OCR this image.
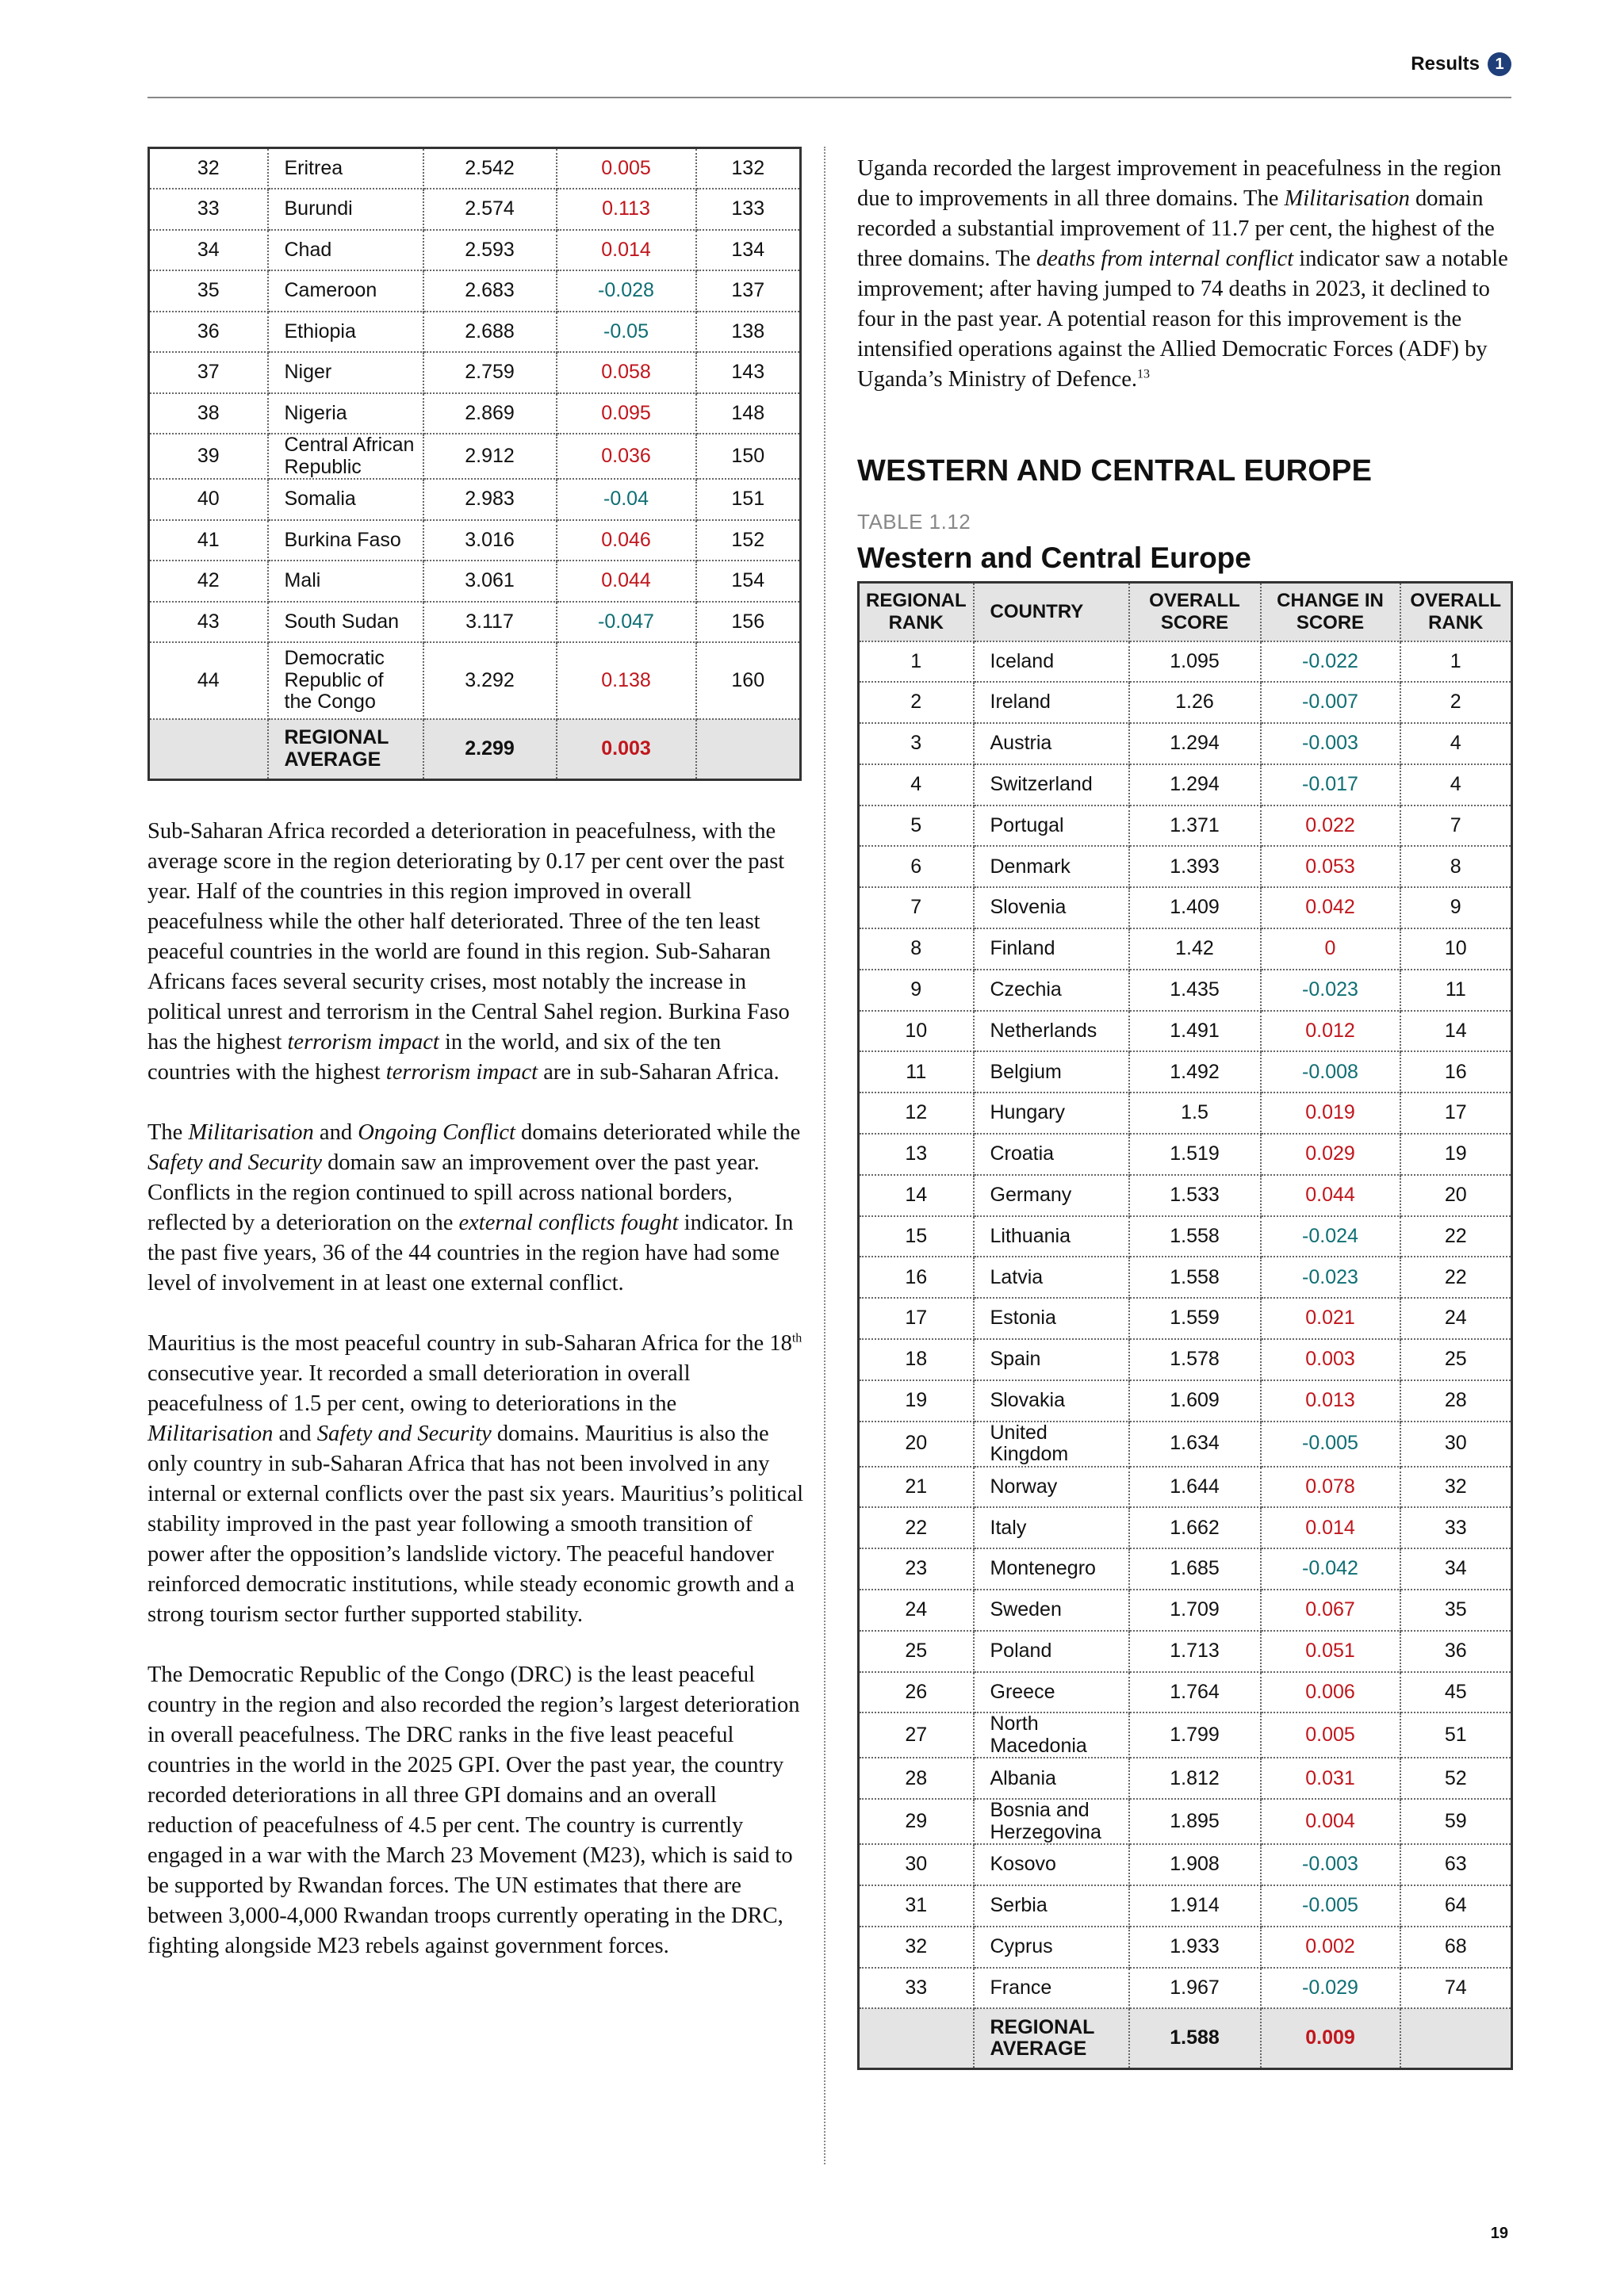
Results 1
32	Eritrea	2.542	0.005	132
33	Burundi	2.574	0.113	133
34	Chad	2.593	0.014	134
35	Cameroon	2.683	-0.028	137
36	Ethiopia	2.688	-0.05	138
37	Niger	2.759	0.058	143
38	Nigeria	2.869	0.095	148
39	Central African Republic	2.912	0.036	150
40	Somalia	2.983	-0.04	151
41	Burkina Faso	3.016	0.046	152
42	Mali	3.061	0.044	154
43	South Sudan	3.117	-0.047	156
44	Democratic Republic of the Congo	3.292	0.138	160
	REGIONAL AVERAGE	2.299	0.003	

Sub-Saharan Africa recorded a deterioration in peacefulness, with the average score in the region deteriorating by 0.17 per cent over the past year. Half of the countries in this region improved in overall peacefulness while the other half deteriorated. Three of the ten least peaceful countries in the world are found in this region. Sub-Saharan Africans faces several security crises, most notably the increase in political unrest and terrorism in the Central Sahel region. Burkina Faso has the highest terrorism impact in the world, and six of the ten countries with the highest terrorism impact are in sub-Saharan Africa.

The Militarisation and Ongoing Conflict domains deteriorated while the Safety and Security domain saw an improvement over the past year. Conflicts in the region continued to spill across national borders, reflected by a deterioration on the external conflicts fought indicator. In the past five years, 36 of the 44 countries in the region have had some level of involvement in at least one external conflict.

Mauritius is the most peaceful country in sub-Saharan Africa for the 18th consecutive year. It recorded a small deterioration in overall peacefulness of 1.5 per cent, owing to deteriorations in the Militarisation and Safety and Security domains. Mauritius is also the only country in sub-Saharan Africa that has not been involved in any internal or external conflicts over the past six years. Mauritius’s political stability improved in the past year following a smooth transition of power after the opposition’s landslide victory. The peaceful handover reinforced democratic institutions, while steady economic growth and a strong tourism sector further supported stability.

The Democratic Republic of the Congo (DRC) is the least peaceful country in the region and also recorded the region’s largest deterioration in overall peacefulness. The DRC ranks in the five least peaceful countries in the world in the 2025 GPI. Over the past year, the country recorded deteriorations in all three GPI domains and an overall reduction of peacefulness of 4.5 per cent. The country is currently engaged in a war with the March 23 Movement (M23), which is said to be supported by Rwandan forces. The UN estimates that there are between 3,000-4,000 Rwandan troops currently operating in the DRC, fighting alongside M23 rebels against government forces.

Uganda recorded the largest improvement in peacefulness in the region due to improvements in all three domains. The Militarisation domain recorded a substantial improvement of 11.7 per cent, the highest of the three domains. The deaths from internal conflict indicator saw a notable improvement; after having jumped to 74 deaths in 2023, it declined to four in the past year. A potential reason for this improvement is the intensified operations against the Allied Democratic Forces (ADF) by Uganda’s Ministry of Defence.$^{13}$

WESTERN AND CENTRAL EUROPE
TABLE 1.12
Western and Central Europe
REGIONAL RANK	COUNTRY	OVERALL SCORE	CHANGE IN SCORE	OVERALL RANK
1	Iceland	1.095	-0.022	1
2	Ireland	1.26	-0.007	2
3	Austria	1.294	-0.003	4
4	Switzerland	1.294	-0.017	4
5	Portugal	1.371	0.022	7
6	Denmark	1.393	0.053	8
7	Slovenia	1.409	0.042	9
8	Finland	1.42	0	10
9	Czechia	1.435	-0.023	11
10	Netherlands	1.491	0.012	14
11	Belgium	1.492	-0.008	16
12	Hungary	1.5	0.019	17
13	Croatia	1.519	0.029	19
14	Germany	1.533	0.044	20
15	Lithuania	1.558	-0.024	22
16	Latvia	1.558	-0.023	22
17	Estonia	1.559	0.021	24
18	Spain	1.578	0.003	25
19	Slovakia	1.609	0.013	28
20	United Kingdom	1.634	-0.005	30
21	Norway	1.644	0.078	32
22	Italy	1.662	0.014	33
23	Montenegro	1.685	-0.042	34
24	Sweden	1.709	0.067	35
25	Poland	1.713	0.051	36
26	Greece	1.764	0.006	45
27	North Macedonia	1.799	0.005	51
28	Albania	1.812	0.031	52
29	Bosnia and Herzegovina	1.895	0.004	59
30	Kosovo	1.908	-0.003	63
31	Serbia	1.914	-0.005	64
32	Cyprus	1.933	0.002	68
33	France	1.967	-0.029	74
	REGIONAL AVERAGE	1.588	0.009	
19
